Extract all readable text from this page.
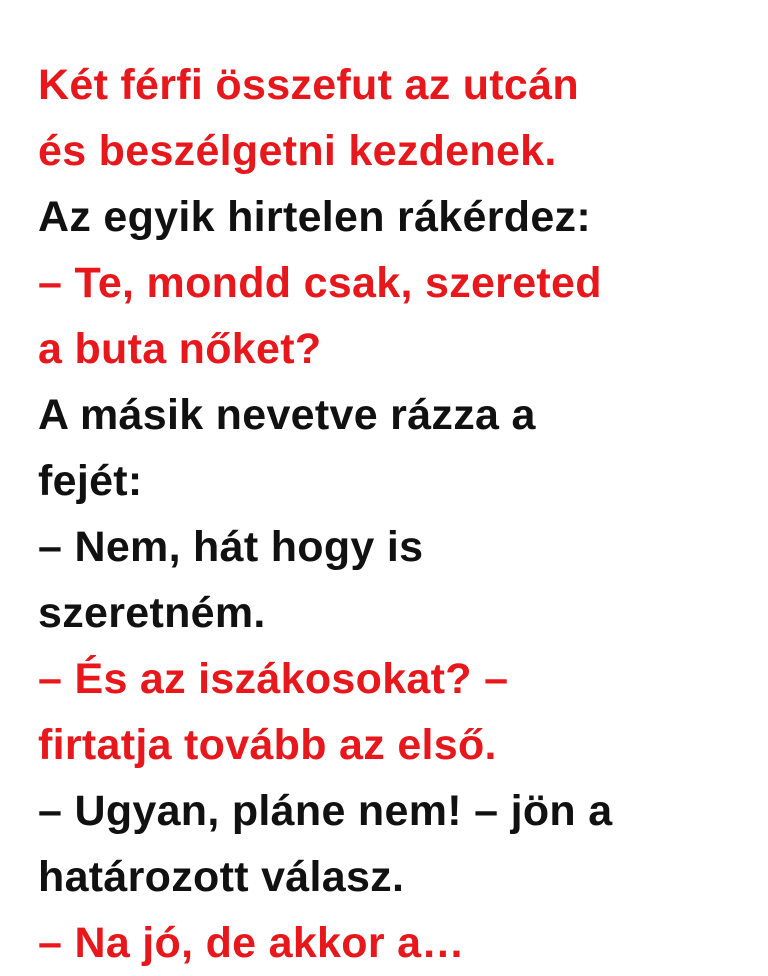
Két férfi összefut az utcán
és beszélgetni kezdenek.
Az egyik hirtelen rákérdez:
– Te, mondd csak, szereted
a buta nőket?
A másik nevetve rázza a
fejét:
– Nem, hát hogy is
szeretném.
– És az iszákosokat? –
firtatja tovább az első.
– Ugyan, pláne nem! – jön a
határozott válasz.
– Na jó, de akkor a…
